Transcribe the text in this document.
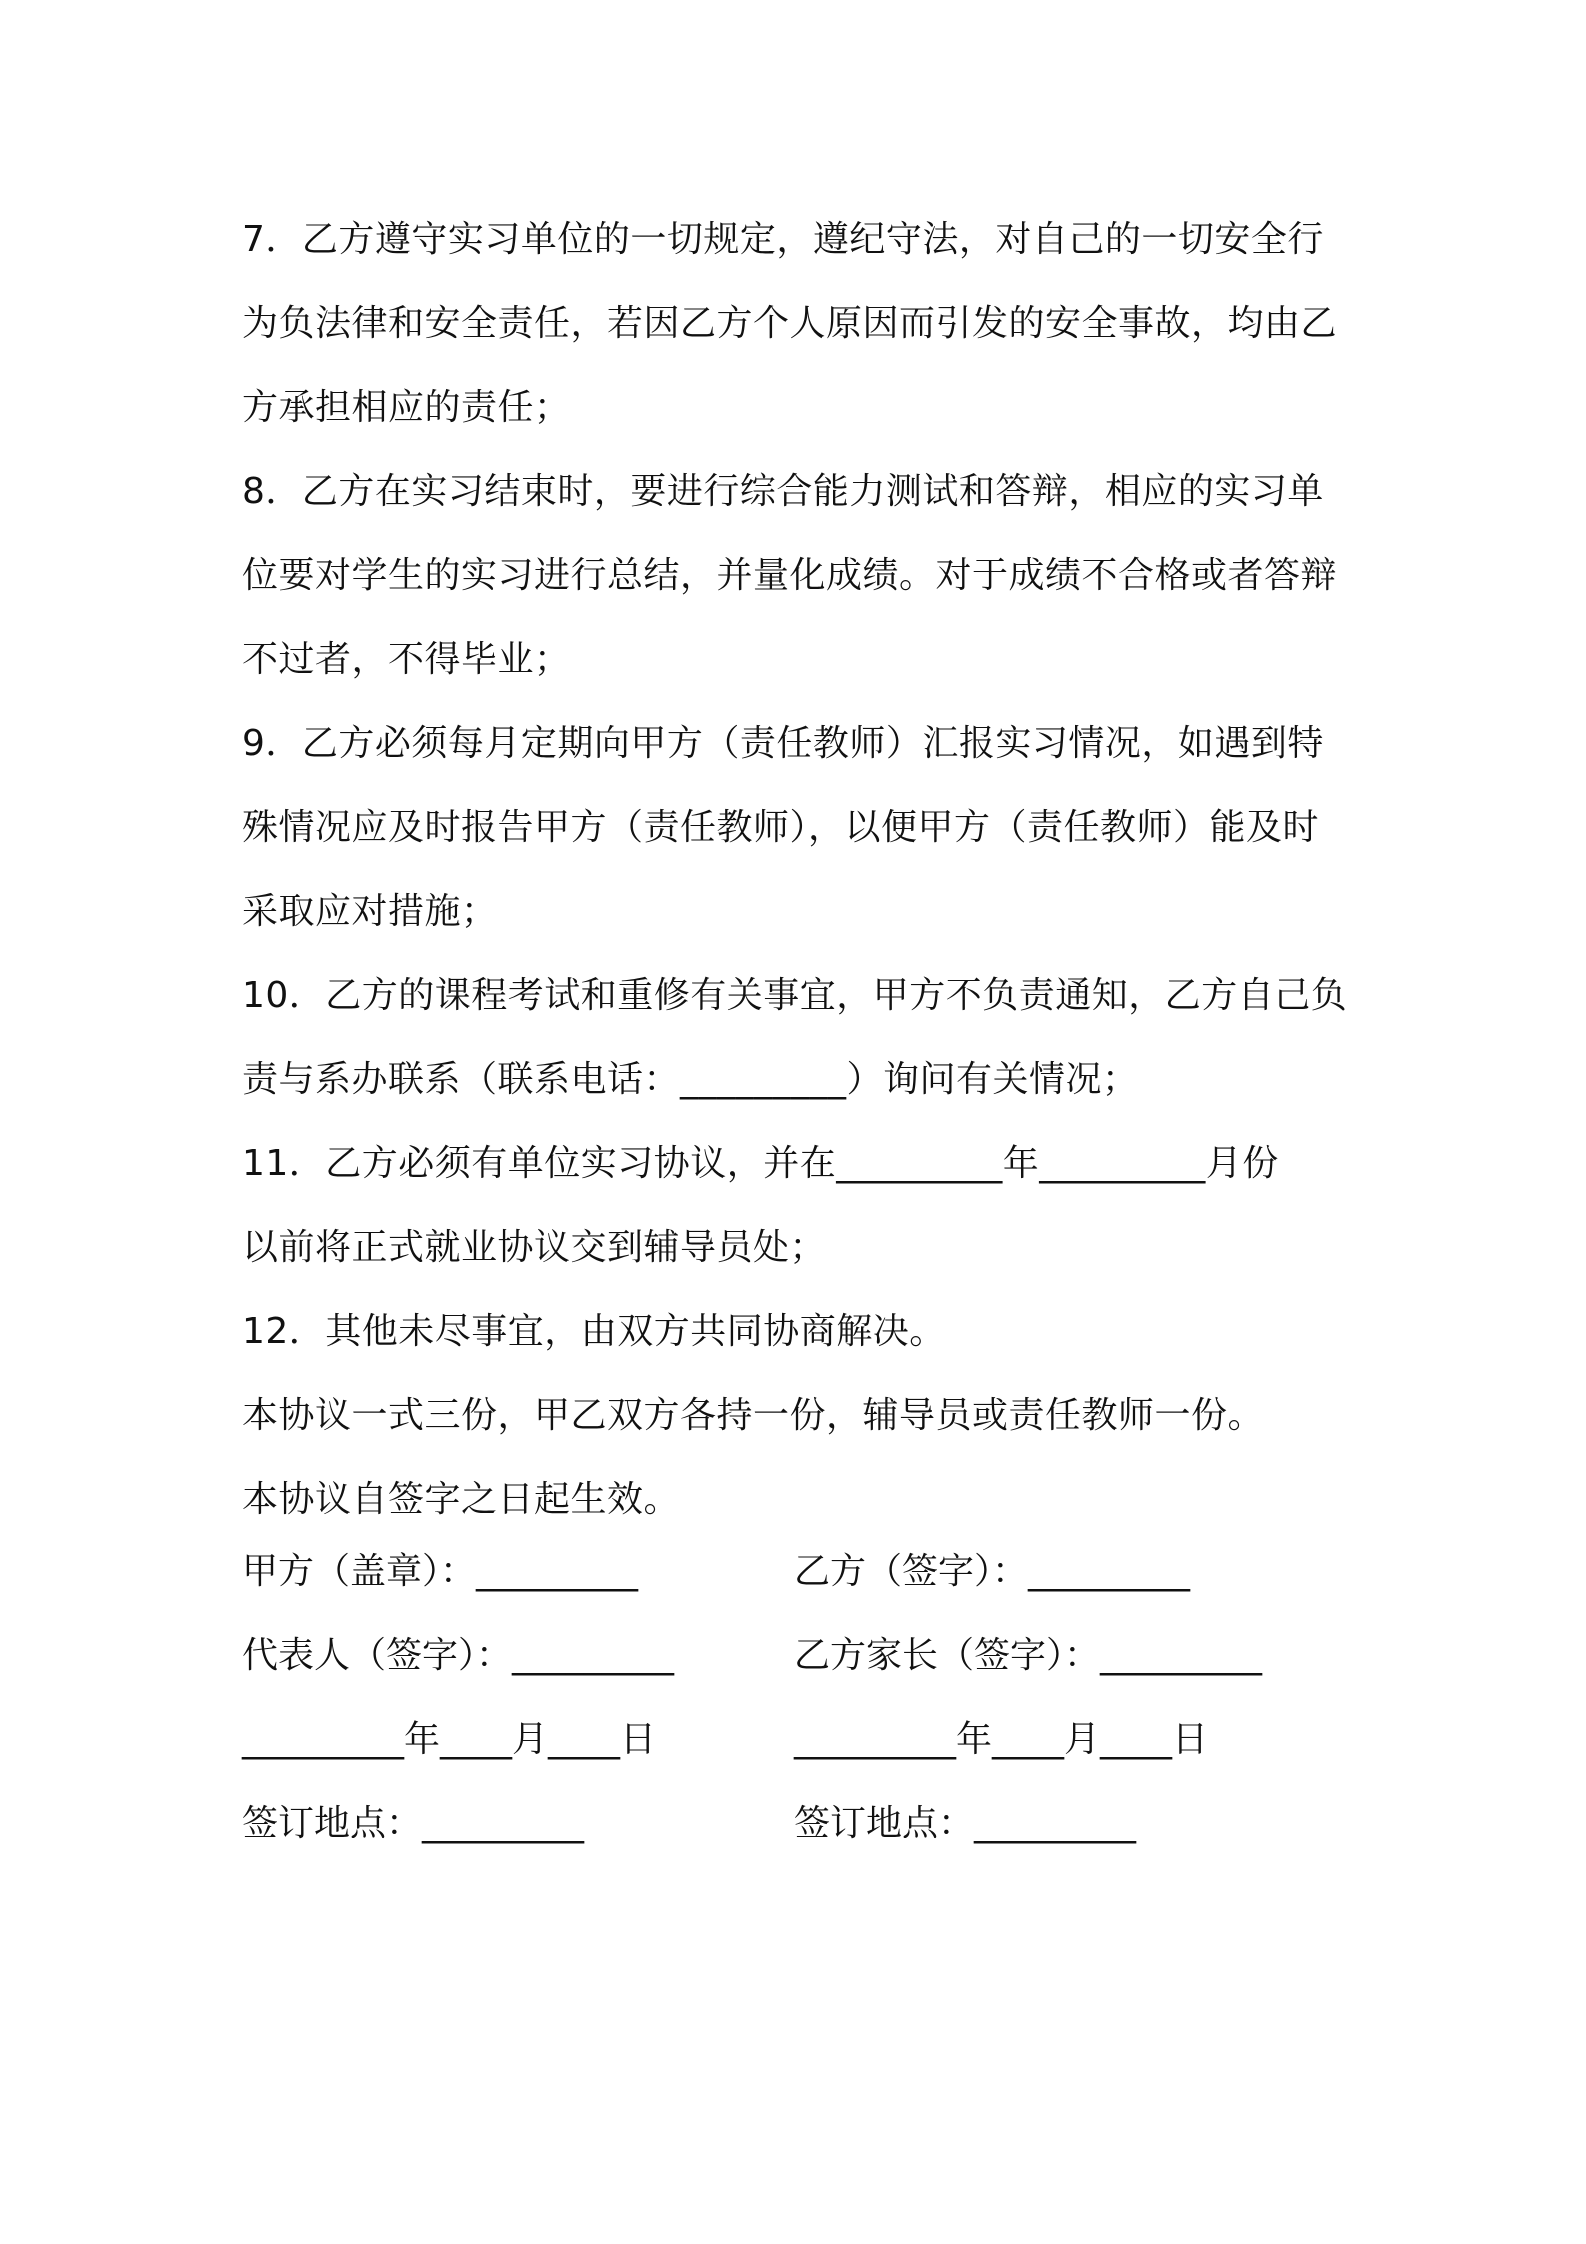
7．乙方遵守实习单位的一切规定，遵纪守法，对自己的一切安全行
为负法律和安全责任，若因乙方个人原因而引发的安全事故，均由乙
方承担相应的责任；
8．乙方在实习结束时，要进行综合能力测试和答辩，相应的实习单
位要对学生的实习进行总结，并量化成绩。对于成绩不合格或者答辩
不过者，不得毕业；
9．乙方必须每月定期向甲方（责任教师）汇报实习情况，如遇到特
殊情况应及时报告甲方（责任教师），以便甲方（责任教师）能及时
采取应对措施；
10．乙方的课程考试和重修有关事宜，甲方不负责通知，乙方自己负
责与系办联系（联系电话：_________）询问有关情况；
11．乙方必须有单位实习协议，并在_________年_________月份
以前将正式就业协议交到辅导员处；
12．其他未尽事宜，由双方共同协商解决。
本协议一式三份，甲乙双方各持一份，辅导员或责任教师一份。
本协议自签字之日起生效。
甲方（盖章）：_________	乙方（签字）：_________
代表人（签字）：_________	乙方家长（签字）：_________
_________年____月____日	_________年____月____日
签订地点：_________	签订地点：_________
